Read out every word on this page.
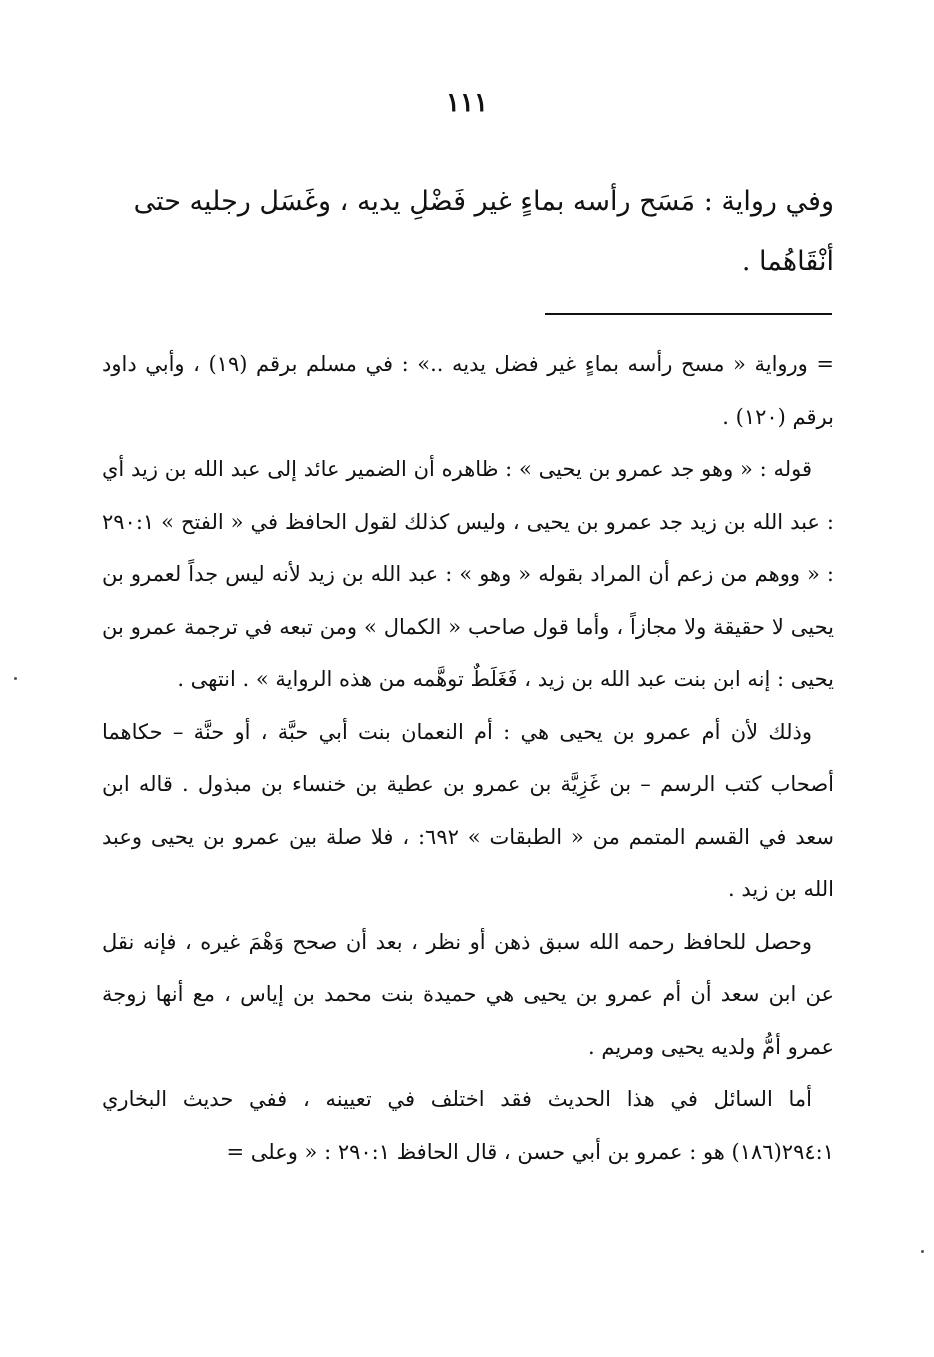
١١١

وفي رواية : مَسَح رأسه بماءٍ غير فَضْلِ يديه ، وغَسَل رجليه حتى

أنْقَاهُما .

= ورواية « مسح رأسه بماءٍ غير فضل يديه ..» : في مسلم برقم (١٩) ، وأبي داود برقم (١٢٠) .

قوله : « وهو جد عمرو بن يحيى » : ظاهره أن الضمير عائد إلى عبد الله بن زيد أي : عبد الله بن زيد جد عمرو بن يحيى ، وليس كذلك لقول الحافظ في « الفتح » ٢٩٠:١ : « ووهم من زعم أن المراد بقوله « وهو » : عبد الله بن زيد لأنه ليس جداً لعمرو بن يحيى لا حقيقة ولا مجازاً ، وأما قول صاحب « الكمال » ومن تبعه في ترجمة عمرو بن يحيى : إنه ابن بنت عبد الله بن زيد ، فَغَلَطٌ توهَّمه من هذه الرواية » . انتهى .

وذلك لأن أم عمرو بن يحيى هي : أم النعمان بنت أبي حبَّة ، أو حنَّة – حكاهما أصحاب كتب الرسم – بن غَزِيَّة بن عمرو بن عطية بن خنساء بن مبذول . قاله ابن سعد في القسم المتمم من « الطبقات » ٦٩٢: ، فلا صلة بين عمرو بن يحيى وعبد الله بن زيد .

وحصل للحافظ رحمه الله سبق ذهن أو نظر ، بعد أن صحح وَهْمَ غيره ، فإنه نقل عن ابن سعد أن أم عمرو بن يحيى هي حميدة بنت محمد بن إياس ، مع أنها زوجة عمرو أمُّ ولديه يحيى ومريم .

أما السائل في هذا الحديث فقد اختلف في تعيينه ، ففي حديث البخاري ٢٩٤:١(١٨٦) هو : عمرو بن أبي حسن ، قال الحافظ ٢٩٠:١ : « وعلى =
